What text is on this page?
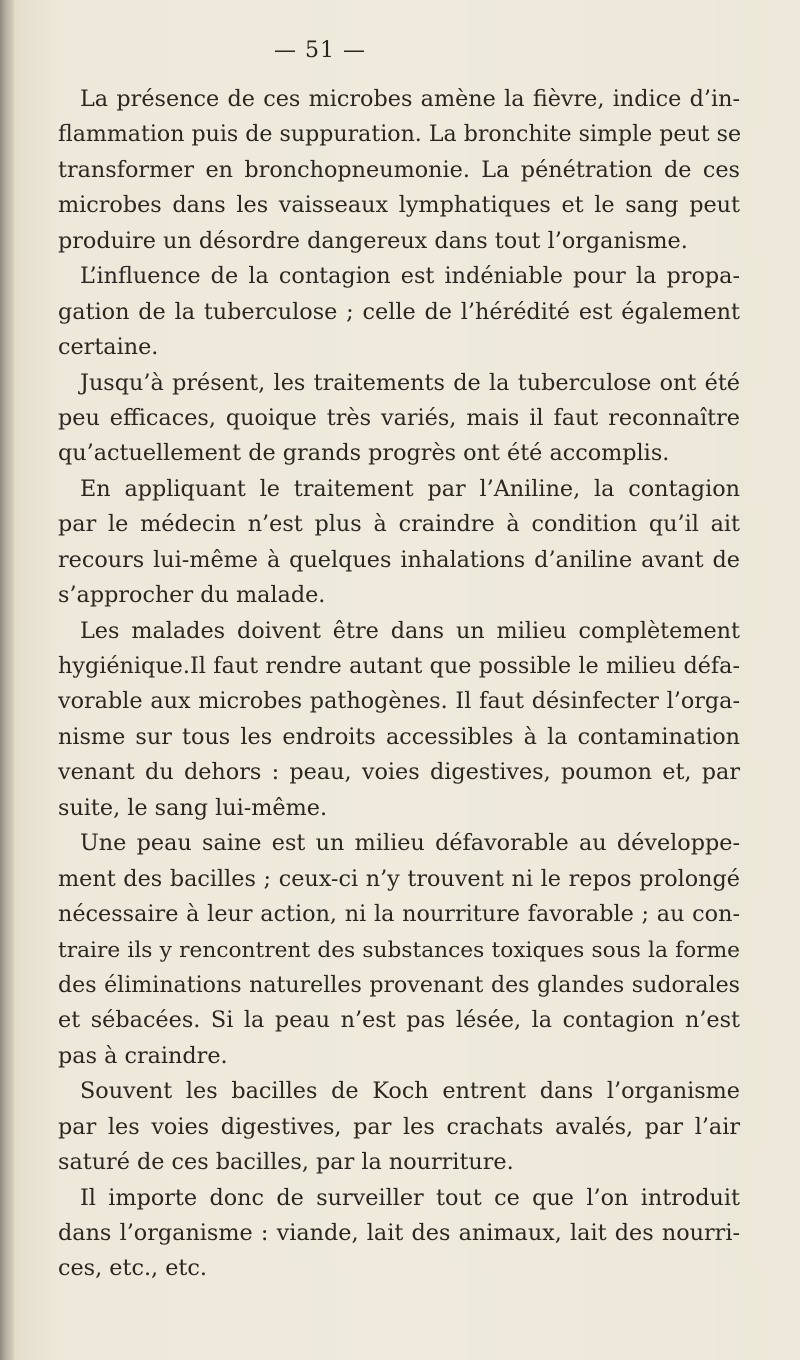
— 51 —
La présence de ces microbes amène la fièvre, indice d’in-
flammation puis de suppuration. La bronchite simple peut se
transformer en bronchopneumonie. La pénétration de ces
microbes dans les vaisseaux lymphatiques et le sang peut
produire un désordre dangereux dans tout l’organisme.
L’influence de la contagion est indéniable pour la propa-
gation de la tuberculose ; celle de l’hérédité est également
certaine.
Jusqu’à présent, les traitements de la tuberculose ont été
peu efficaces, quoique très variés, mais il faut reconnaître
qu’actuellement de grands progrès ont été accomplis.
En appliquant le traitement par l’Aniline, la contagion
par le médecin n’est plus à craindre à condition qu’il ait
recours lui-même à quelques inhalations d’aniline avant de
s’approcher du malade.
Les malades doivent être dans un milieu complètement
hygiénique.Il faut rendre autant que possible le milieu défa-
vorable aux microbes pathogènes. Il faut désinfecter l’orga-
nisme sur tous les endroits accessibles à la contamination
venant du dehors : peau, voies digestives, poumon et, par
suite, le sang lui-même.
Une peau saine est un milieu défavorable au développe-
ment des bacilles ; ceux-ci n’y trouvent ni le repos prolongé
nécessaire à leur action, ni la nourriture favorable ; au con-
traire ils y rencontrent des substances toxiques sous la forme
des éliminations naturelles provenant des glandes sudorales
et sébacées. Si la peau n’est pas lésée, la contagion n’est
pas à craindre.
Souvent les bacilles de Koch entrent dans l’organisme
par les voies digestives, par les crachats avalés, par l’air
saturé de ces bacilles, par la nourriture.
Il importe donc de surveiller tout ce que l’on introduit
dans l’organisme : viande, lait des animaux, lait des nourri-
ces, etc., etc.
